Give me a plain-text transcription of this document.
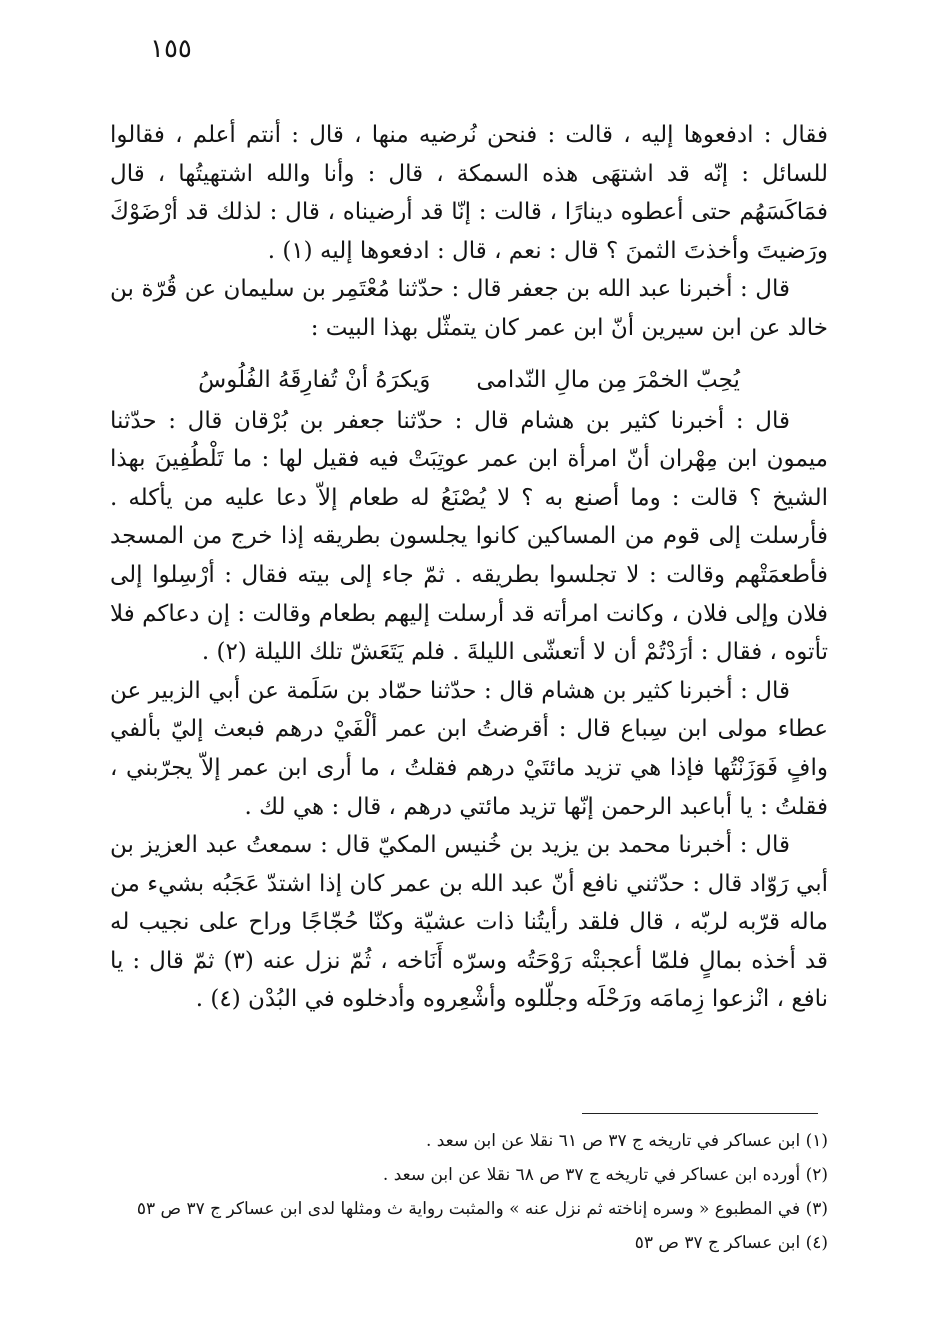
١٥٥

فقال : ادفعوها إليه ، قالت : فنحن نُرضيه منها ، قال : أنتم أعلم ، فقالوا للسائل : إنّه قد اشتهَى هذه السمكة ، قال : وأنا والله اشتهيتُها ، قال فمَاكَسَهُم حتى أعطوه دينارًا ، قالت : إنّا قد أرضيناه ، قال : لذلك قد أرْضَوْكَ ورَضيتَ وأخذتَ الثمنَ ؟ قال : نعم ، قال : ادفعوها إليه (١) .

قال : أخبرنا عبد الله بن جعفر قال : حدّثنا مُعْتَمِر بن سليمان عن قُرّة بن خالد عن ابن سيرين أنّ ابن عمر كان يتمثّل بهذا البيت :

يُحِبّ الخمْرَ مِن مالِ النّدامى
وَيكرَهُ أنْ تُفارِقَهُ الفُلُوسُ

قال : أخبرنا كثير بن هشام قال : حدّثنا جعفر بن بُرْقان قال : حدّثنا ميمون ابن مِهْران أنّ امرأة ابن عمر عوتِبَتْ فيه فقيل لها : ما تَلْطُفِينَ بهذا الشيخ ؟ قالت : وما أصنع به ؟ لا يُصْنَعُ له طعام إلاّ دعا عليه من يأكله . فأرسلت إلى قوم من المساكين كانوا يجلسون بطريقه إذا خرج من المسجد فأطعمَتْهم وقالت : لا تجلسوا بطريقه . ثمّ جاء إلى بيته فقال : أرْسِلوا إلى فلان وإلى فلان ، وكانت امرأته قد أرسلت إليهم بطعام وقالت : إن دعاكم فلا تأتوه ، فقال : أرَدْتُمْ أن لا أتعشّى الليلةَ . فلم يَتَعَشّ تلك الليلة (٢) .

قال : أخبرنا كثير بن هشام قال : حدّثنا حمّاد بن سَلَمة عن أبي الزبير عن عطاء مولى ابن سِباع قال : أقرضتُ ابن عمر ألْفَيْ درهم فبعث إليّ بألفي وافٍ فَوَزَنْتُها فإذا هي تزيد مائتَيْ درهم فقلتُ ، ما أرى ابن عمر إلاّ يجرّبني ، فقلتُ : يا أباعبد الرحمن إنّها تزيد مائتي درهم ، قال : هي لك .

قال : أخبرنا محمد بن يزيد بن خُنيس المكيّ قال : سمعتُ عبد العزيز بن أبي رَوّاد قال : حدّثني نافع أنّ عبد الله بن عمر كان إذا اشتدّ عَجَبُه بشيء من ماله قرّبه لربّه ، قال فلقد رأيتُنا ذات عشيّة وكنّا حُجّاجًا وراح على نجيب له قد أخذه بمالٍ فلمّا أعجبتْه رَوْحَتُه وسرّه أَنَاخه ، ثُمّ نزل عنه (٣) ثمّ قال : يا نافع ، انْزعوا زِمامَه ورَحْلَه وجلّلوه وأشْعِروه وأدخلوه في البُدْن (٤) .

(١) ابن عساكر في تاريخه ج ٣٧ ص ٦١ نقلا عن ابن سعد .

(٢) أورده ابن عساكر في تاريخه ج ٣٧ ص ٦٨ نقلا عن ابن سعد .

(٣) في المطبوع « وسره إناخته ثم نزل عنه » والمثبت رواية ث ومثلها لدى ابن عساكر ج ٣٧ ص ٥٣

(٤) ابن عساكر ج ٣٧ ص ٥٣
